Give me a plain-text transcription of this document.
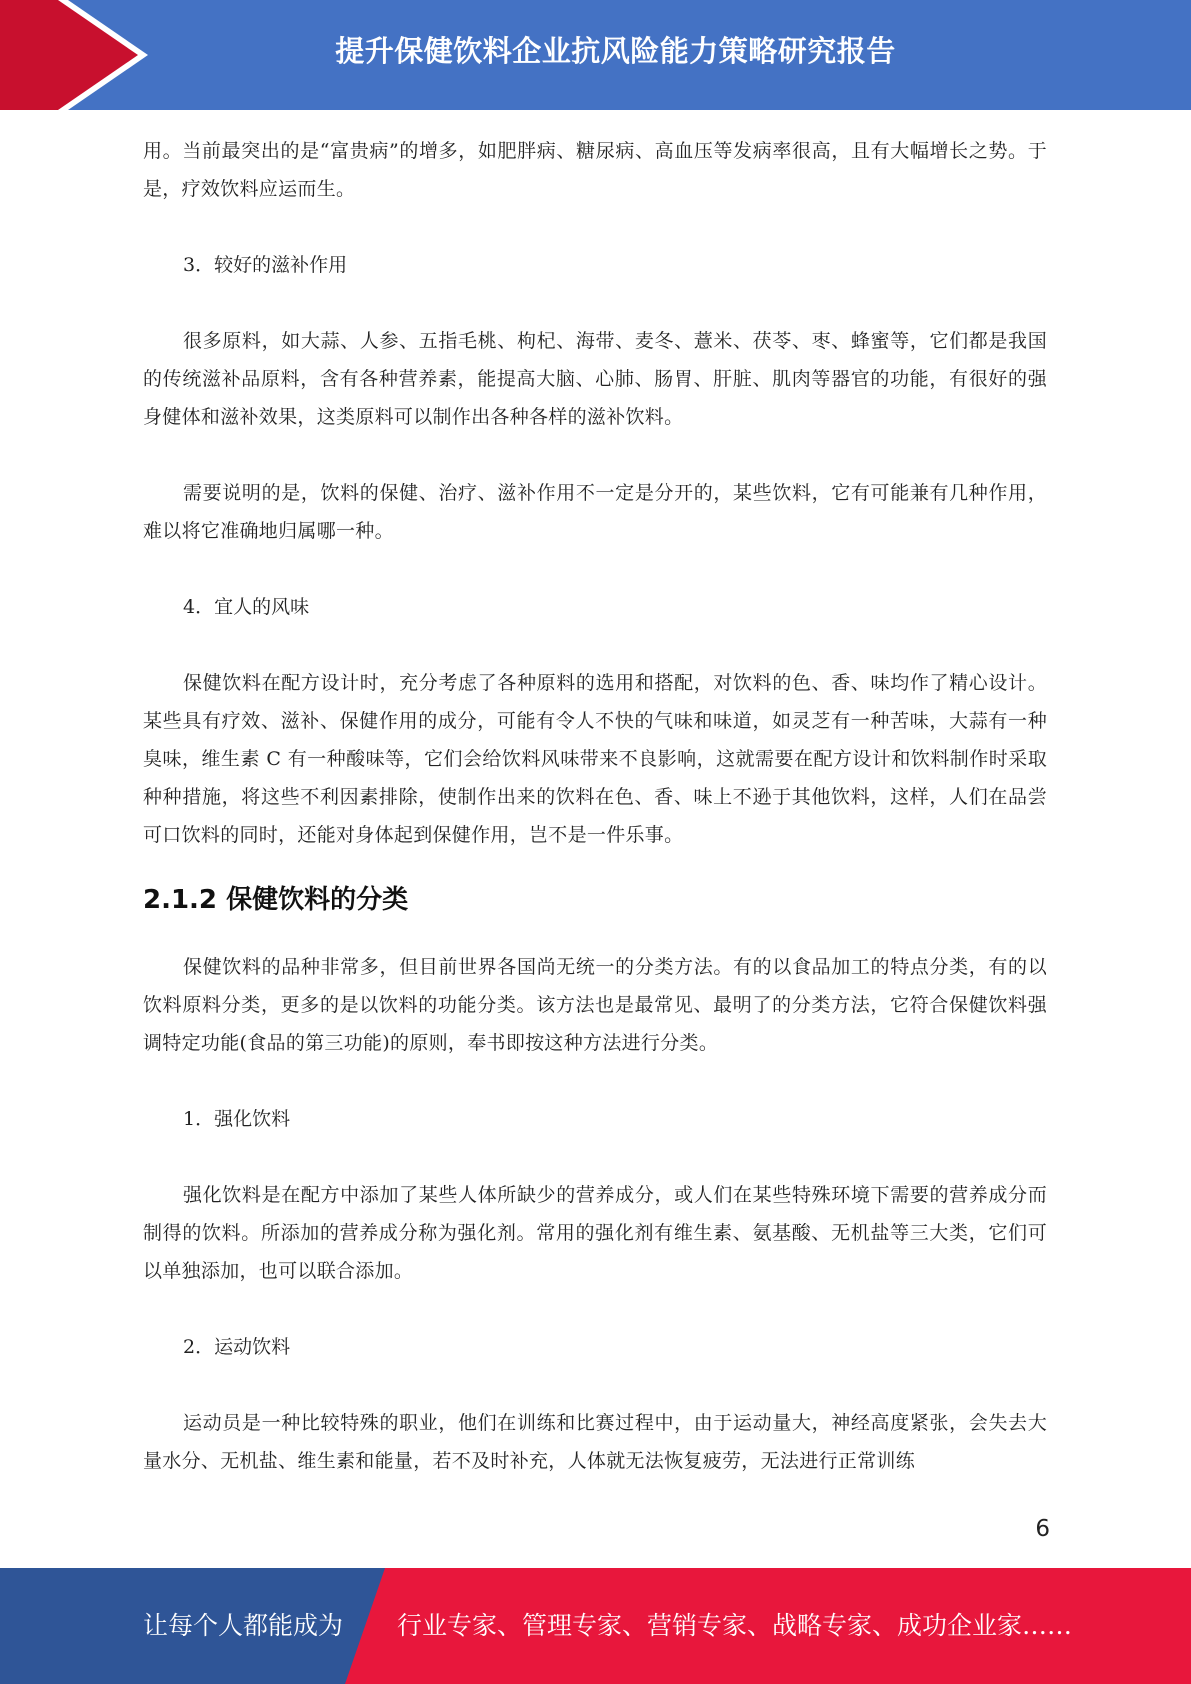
提升保健饮料企业抗风险能力策略研究报告

用。当前最突出的是“富贵病”的增多，如肥胖病、糖尿病、高血压等发病率很高，且有大幅增长之势。于是，疗效饮料应运而生。

3．较好的滋补作用

很多原料，如大蒜、人参、五指毛桃、枸杞、海带、麦冬、薏米、茯苓、枣、蜂蜜等，它们都是我国的传统滋补品原料，含有各种营养素，能提高大脑、心肺、肠胃、肝脏、肌肉等器官的功能，有很好的强身健体和滋补效果，这类原料可以制作出各种各样的滋补饮料。

需要说明的是，饮料的保健、治疗、滋补作用不一定是分开的，某些饮料，它有可能兼有几种作用，难以将它准确地归属哪一种。

4．宜人的风味

保健饮料在配方设计时，充分考虑了各种原料的选用和搭配，对饮料的色、香、味均作了精心设计。某些具有疗效、滋补、保健作用的成分，可能有令人不快的气味和味道，如灵芝有一种苦味，大蒜有一种臭味，维生素 C 有一种酸味等，它们会给饮料风味带来不良影响，这就需要在配方设计和饮料制作时采取种种措施，将这些不利因素排除，使制作出来的饮料在色、香、味上不逊于其他饮料，这样，人们在品尝可口饮料的同时，还能对身体起到保健作用，岂不是一件乐事。

2.1.2 保健饮料的分类

保健饮料的品种非常多，但目前世界各国尚无统一的分类方法。有的以食品加工的特点分类，有的以饮料原料分类，更多的是以饮料的功能分类。该方法也是最常见、最明了的分类方法，它符合保健饮料强调特定功能(食品的第三功能)的原则，奉书即按这种方法进行分类。

1．强化饮料

强化饮料是在配方中添加了某些人体所缺少的营养成分，或人们在某些特殊环境下需要的营养成分而制得的饮料。所添加的营养成分称为强化剂。常用的强化剂有维生素、氨基酸、无机盐等三大类，它们可以单独添加，也可以联合添加。

2．运动饮料

运动员是一种比较特殊的职业，他们在训练和比赛过程中，由于运动量大，神经高度紧张，会失去大量水分、无机盐、维生素和能量，若不及时补充，人体就无法恢复疲劳，无法进行正常训练

6
让每个人都能成为 行业专家、管理专家、营销专家、战略专家、成功企业家……
